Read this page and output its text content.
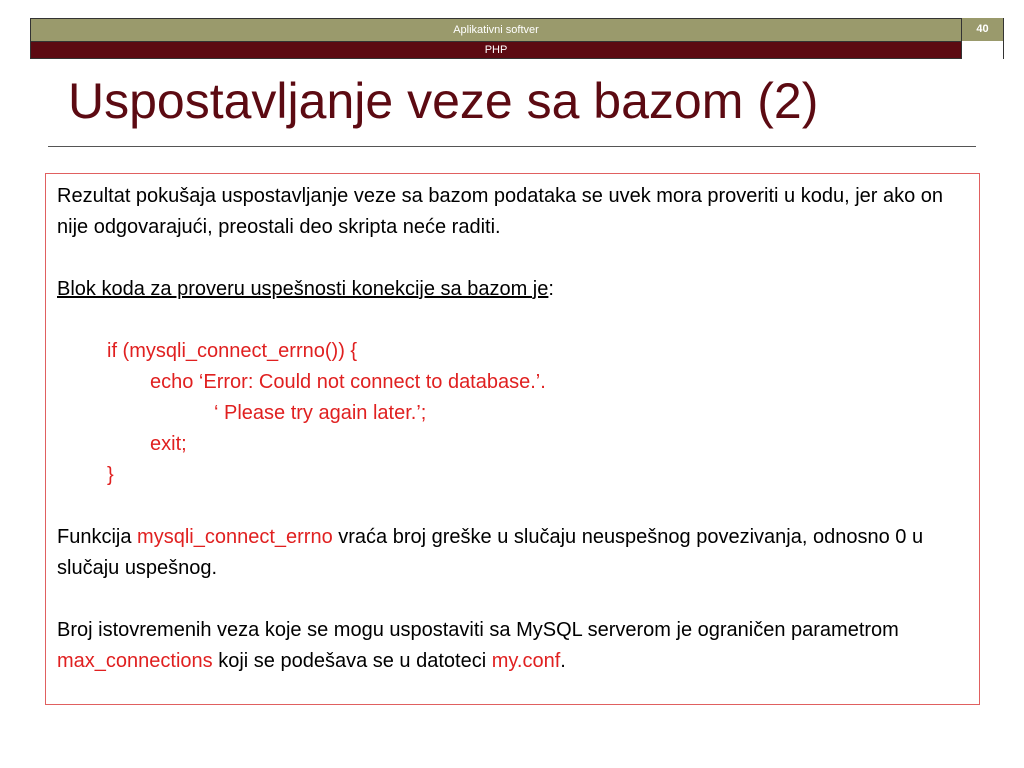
Aplikativni softver	40
PHP
Uspostavljanje veze sa bazom (2)

Rezultat pokušaja uspostavljanje veze sa bazom podataka se uvek mora proveriti u kodu, jer ako on nije odgovarajući, preostali deo skripta neće raditi.

Blok koda za proveru uspešnosti konekcije sa bazom je:

if (mysqli_connect_errno()) {

echo ‘Error: Could not connect to database.’.

‘ Please try again later.’;

exit;

}

Funkcija mysqli_connect_errno vraća broj greške u slučaju neuspešnog povezivanja, odnosno 0 u slučaju uspešnog.

Broj istovremenih veza koje se mogu uspostaviti sa MySQL serverom je ograničen parametrom max_connections koji se podešava se u datoteci my.conf.
